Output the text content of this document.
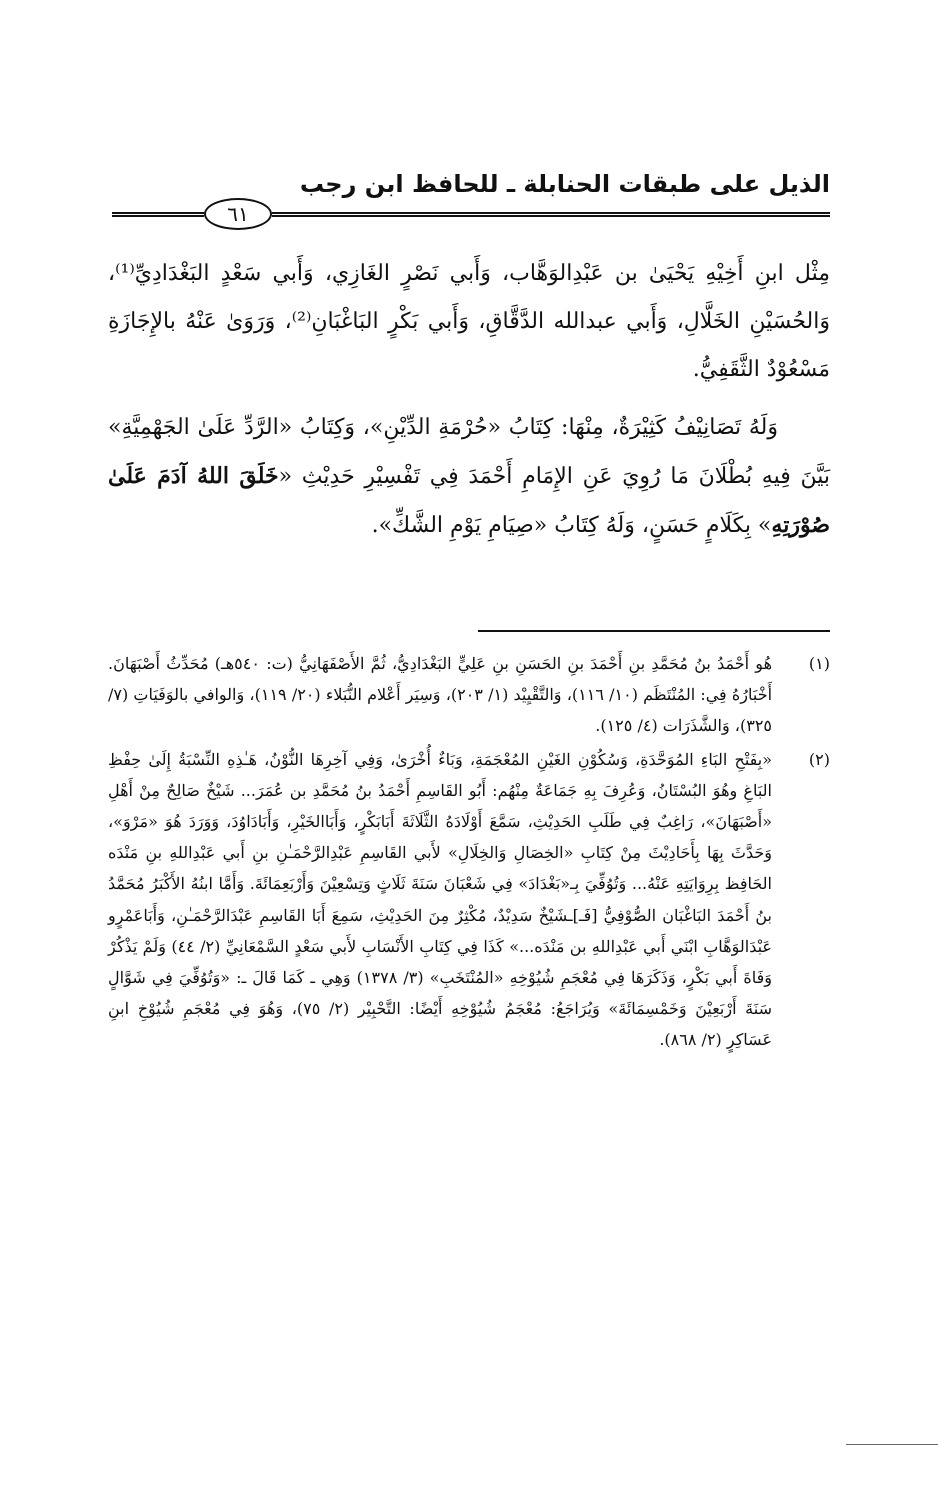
الذيل على طبقات الحنابلة ـ للحافظ ابن رجب
٦١

مِثْل ابنِ أَخِيْهِ يَحْيَىٰ بن عَبْدِالوَهَّاب، وَأَبي نَصْرٍ الغَازِي، وَأَبي سَعْدٍ البَغْدَادِيِّ⁽¹⁾، وَالحُسَيْنِ الخَلَّالِ، وَأَبي عبدالله الدَّقَّاقِ، وَأَبي بَكْرٍ البَاغْبَانِ⁽²⁾، وَرَوَىٰ عَنْهُ بالإِجَازَةِ مَسْعُوْدٌ الثَّقَفِيُّ.

وَلَهُ تَصَانِيْفُ كَثِيْرَةٌ، مِنْهَا: كِتَابُ «حُرْمَةِ الدِّيْنِ»، وَكِتَابُ «الرَّدِّ عَلَىٰ الجَهْمِيَّةِ» بَيَّنَ فِيهِ بُطْلَانَ مَا رُوِيَ عَنِ الإِمَامِ أَحْمَدَ فِي تَفْسِيْرِ حَدِيْثِ «خَلَقَ اللهُ آدَمَ عَلَىٰ صُوْرَتِهِ» بِكَلَامٍ حَسَنٍ، وَلَهُ كِتَابُ «صِيَامِ يَوْمِ الشَّكِّ».

(١)
هُو أَحْمَدُ بنُ مُحَمَّدِ بنِ أَحْمَدَ بنِ الحَسَنِ بنِ عَلِيٍّ البَغْدَادِيُّ، ثُمَّ الأَصْفَهَانِيُّ (ت: ٥٤٠هـ) مُحَدِّثُ أَصْبَهَانَ. أَخْبَارُهُ فِي: المُنْتَظَم (١٠/ ١١٦)، وَالتَّقْيِيْد (١/ ٢٠٣)، وَسِيَر أَعْلام النُّبَلاء (٢٠/ ١١٩)، وَالوافي بالوَفَيَاتِ (٧/ ٣٢٥)، وَالشَّذَرَات (٤/ ١٢٥).
(٢)
«بِفَتْحِ البَاءِ المُوَحَّدَةِ، وَسُكُوْنِ الغَيْنِ المُعْجَمَةِ، وَبَاءٌ أُخْرَىٰ، وَفِي آخِرِهَا النُّوْنُ، هَـٰذِهِ النِّسْبَةُ إِلَىٰ حِفْظِ البَاغِ وهُوَ البُسْتَانُ، وَعُرِفَ بِهِ جَمَاعَةٌ مِنْهُم: أَبُو القَاسِمِ أَحْمَدُ بنُ مُحَمَّدِ بن عُمَرَ... شَيْخٌ صَالِحٌ مِنْ أَهْلِ «أَصْبَهَانَ»، رَاغِبٌ فِي طَلَبِ الحَدِيْثِ، سَمَّعَ أَوْلَادَهُ الثَّلَاثَةَ أَبَابَكْرٍ، وَأَبَاالخَيْرِ، وَأَبَادَاوُدَ، وَوَرَدَ هُوَ «مَرْوَ»، وَحَدَّثَ بِهَا بِأَحَادِيْثَ مِنْ كِتَابِ «الخِصَالِ وَالخِلَالِ» لأَبي القَاسِمِ عَبْدِالرَّحْمَـٰنِ بنِ أَبي عَبْدِاللهِ بنِ مَنْدَه الحَافِظ بِرِوَايَتِهِ عَنْهُ... وَتُوُفِّيَ بِـ«بَغْدَادَ» فِي شَعْبَانَ سَنَةَ ثَلَاثٍ وَتِسْعِيْنَ وَأَرْبَعِمَائَةَ. وَأَمَّا ابنُهُ الأَكْبَرُ مُحَمَّدُ بنُ أَحْمَدَ البَاغْبَان الصُّوْفِيُّ [فَـ]ـشَيْخٌ سَدِيْدٌ، مُكْثِرٌ مِنَ الحَدِيْثِ، سَمِعَ أَبَا القَاسِمِ عَبْدَالرَّحْمَـٰنِ، وَأَبَاعَمْرٍو عَبْدَالوَهَّابِ ابْنَي أَبي عَبْدِاللهِ بن مَنْدَه...» كَذَا فِي كِتَابِ الأَنْسَابِ لأَبي سَعْدٍ السَّمْعَانِيِّ (٢/ ٤٤) وَلَمْ يَذْكُرْ وَفَاةَ أَبي بَكْرٍ، وَذَكَرَهَا فِي مُعْجَمِ شُيُوْخِهِ «المُنْتَخَبِ» (٣/ ١٣٧٨) وَهِي ـ كَمَا قَالَ ـ: «وَتُوُفِّيَ فِي شَوَّالٍ سَنَةَ أَرْبَعِيْنَ وَخَمْسِمَائَةَ» وَيُرَاجَعُ: مُعْجَمُ شُيُوْخِهِ أَيْضًا: التَّحْبِيْر (٢/ ٧٥)، وَهُوَ فِي مُعْجَمِ شُيُوْخِ ابنِ عَسَاكِرٍ (٢/ ٨٦٨).
